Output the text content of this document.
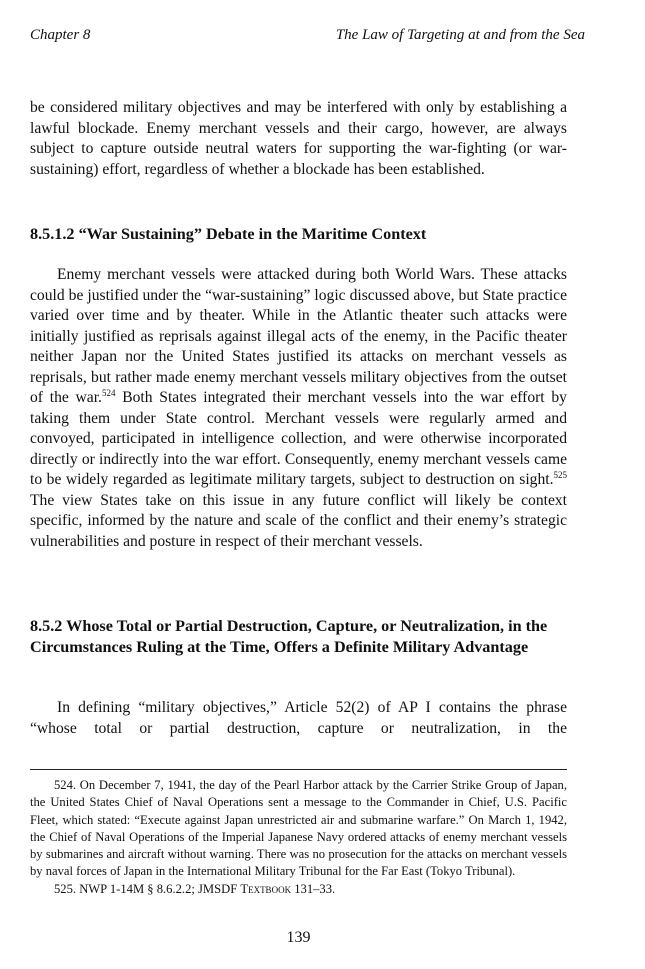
Chapter 8	The Law of Targeting at and from the Sea

be considered military objectives and may be interfered with only by establishing a lawful blockade. Enemy merchant vessels and their cargo, however, are always subject to capture outside neutral waters for supporting the war-fighting (or war-sustaining) effort, regardless of whether a blockade has been established.

8.5.1.2 “War Sustaining” Debate in the Maritime Context

Enemy merchant vessels were attacked during both World Wars. These attacks could be justified under the “war-sustaining” logic discussed above, but State practice varied over time and by theater. While in the Atlantic theater such attacks were initially justified as reprisals against illegal acts of the enemy, in the Pacific theater neither Japan nor the United States justified its attacks on merchant vessels as reprisals, but rather made enemy merchant vessels military objectives from the outset of the war.$^{524}$ Both States integrated their merchant vessels into the war effort by taking them under State control. Merchant vessels were regularly armed and convoyed, participated in intelligence collection, and were otherwise incorporated directly or indirectly into the war effort. Consequently, enemy merchant vessels came to be widely regarded as legitimate military targets, subject to destruction on sight.$^{525}$ The view States take on this issue in any future conflict will likely be context specific, informed by the nature and scale of the conflict and their enemy’s strategic vulnerabilities and posture in respect of their merchant vessels.

8.5.2 Whose Total or Partial Destruction, Capture, or Neutralization, in the Circumstances Ruling at the Time, Offers a Definite Military Advantage

In defining “military objectives,” Article 52(2) of AP I contains the phrase “whose total or partial destruction, capture or neutralization, in the

524. On December 7, 1941, the day of the Pearl Harbor attack by the Carrier Strike Group of Japan, the United States Chief of Naval Operations sent a message to the Commander in Chief, U.S. Pacific Fleet, which stated: “Execute against Japan unrestricted air and submarine warfare.” On March 1, 1942, the Chief of Naval Operations of the Imperial Japanese Navy ordered attacks of enemy merchant vessels by submarines and aircraft without warning. There was no prosecution for the attacks on merchant vessels by naval forces of Japan in the International Military Tribunal for the Far East (Tokyo Tribunal).

525. NWP 1-14M § 8.6.2.2; JMSDF Textbook 131–33.

139
